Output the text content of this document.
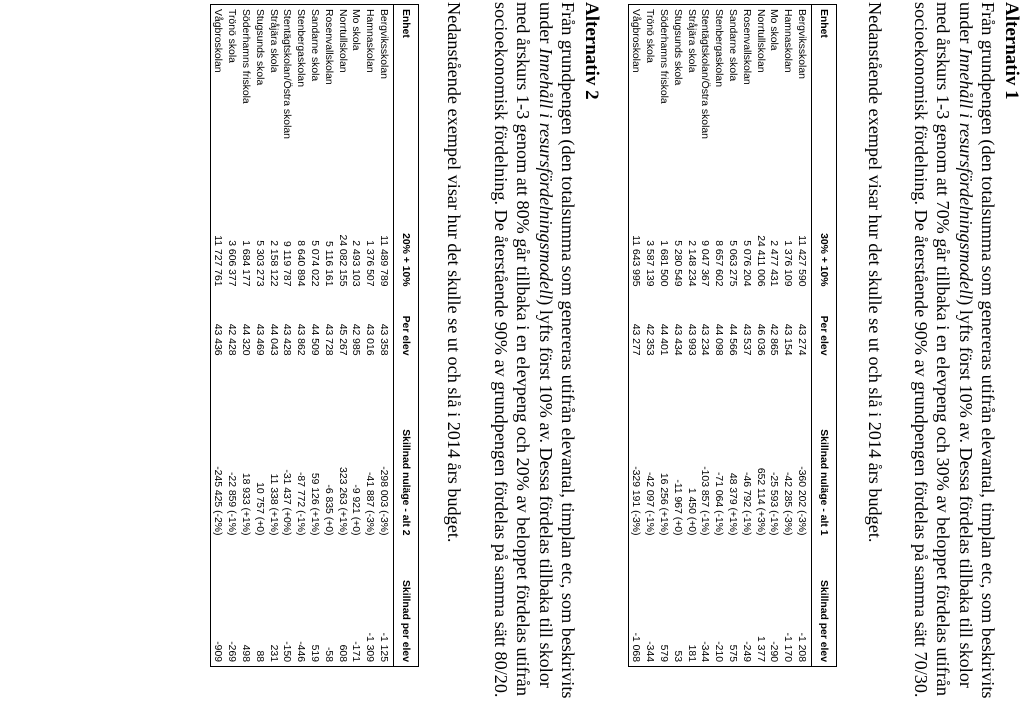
Alternativ 1
Från grundpengen (den totalsumma som genereras utifrån elevantal, timplan etc, som beskrivits under Innehåll i resursfördelningsmodell) lyfts först 10% av. Dessa fördelas tillbaka till skolor med årskurs 1-3 genom att 70% går tillbaka i en elevpeng och 30% av beloppet fördelas utifrån socioekonomisk fördelning. De återstående 90% av grundpengen fördelas på samma sätt 70/30.
Nedanstående exempel visar hur det skulle se ut och slå i 2014 års budget.
Enhet	30% + 10%	Per elev	Skillnad nuläge - alt 1	Skillnad per elev
Bergviksskolan	11 427 590	43 274	-360 202 (-3%)	-1 208
Hamnaskolan	1 376 109	43 154	-42 285 (-3%)	-1 170
Mo skola	2 477 431	42 865	-25 593 (-1%)	-290
Norrtullskolan	24 411 006	46 036	652 114 (+3%)	1 377
Rosenvallskolan	5 076 204	43 537	-46 792 (-1%)	-249
Sandarne skola	5 063 275	44 566	48 379 (+1%)	575
Stenbergaskolan	8 657 602	44 098	-71 064 (-1%)	-210
Stentägtskolan/Östra skolan	9 047 367	43 234	-103 857 (-1%)	-344
Stråjära skola	2 148 234	43 993	1 450 (+0)	181
Stugsunds skola	5 280 549	43 434	-11 967 (+0)	53
Söderhamns friskola	1 681 500	44 401	16 256 (+1%)	579
Trönö skola	3 587 139	42 353	-42 097 (-1%)	-344
Vågbroskolan	11 643 995	43 277	-329 191 (-3%)	-1 068
Alternativ 2
Från grundpengen (den totalsumma som genereras utifrån elevantal, timplan etc, som beskrivits under Innehåll i resursfördelningsmodell) lyfts först 10% av. Dessa fördelas tillbaka till skolor med årskurs 1-3 genom att 80% går tillbaka i en elevpeng och 20% av beloppet fördelas utifrån socioekonomisk fördelning. De återstående 90% av grundpengen fördelas på samma sätt 80/20.
Nedanstående exempel visar hur det skulle se ut och slå i 2014 års budget.
Enhet	20% + 10%	Per elev	Skillnad nuläge - alt 2	Skillnad per elev
Bergviksskolan	11 489 789	43 358	-298 003 (-3%)	-1 125
Hamnaskolan	1 376 507	43 016	-41 887 (-3%)	-1 309
Mo skola	2 493 103	42 985	-9 921 (+0)	-171
Norrtullskolan	24 082 155	45 267	323 263 (+1%)	608
Rosenvallskolan	5 116 161	43 728	-6 835 (+0)	-58
Sandarne skola	5 074 022	44 509	59 126 (+1%)	519
Stenbergaskolan	8 640 894	43 862	-87 772 (-1%)	-446
Stentägtskolan/Östra skolan	9 119 787	43 428	-31 437 (+0%)	-150
Stråjära skola	2 158 122	44 043	11 338 (+1%)	231
Stugsunds skola	5 303 273	43 469	10 757 (+0)	88
Söderhamns friskola	1 684 177	44 320	18 933 (+1%)	498
Trönö skola	3 606 377	42 428	-22 859 (-1%)	-269
Vågbroskolan	11 727 761	43 436	-245 425 (-2%)	-909
